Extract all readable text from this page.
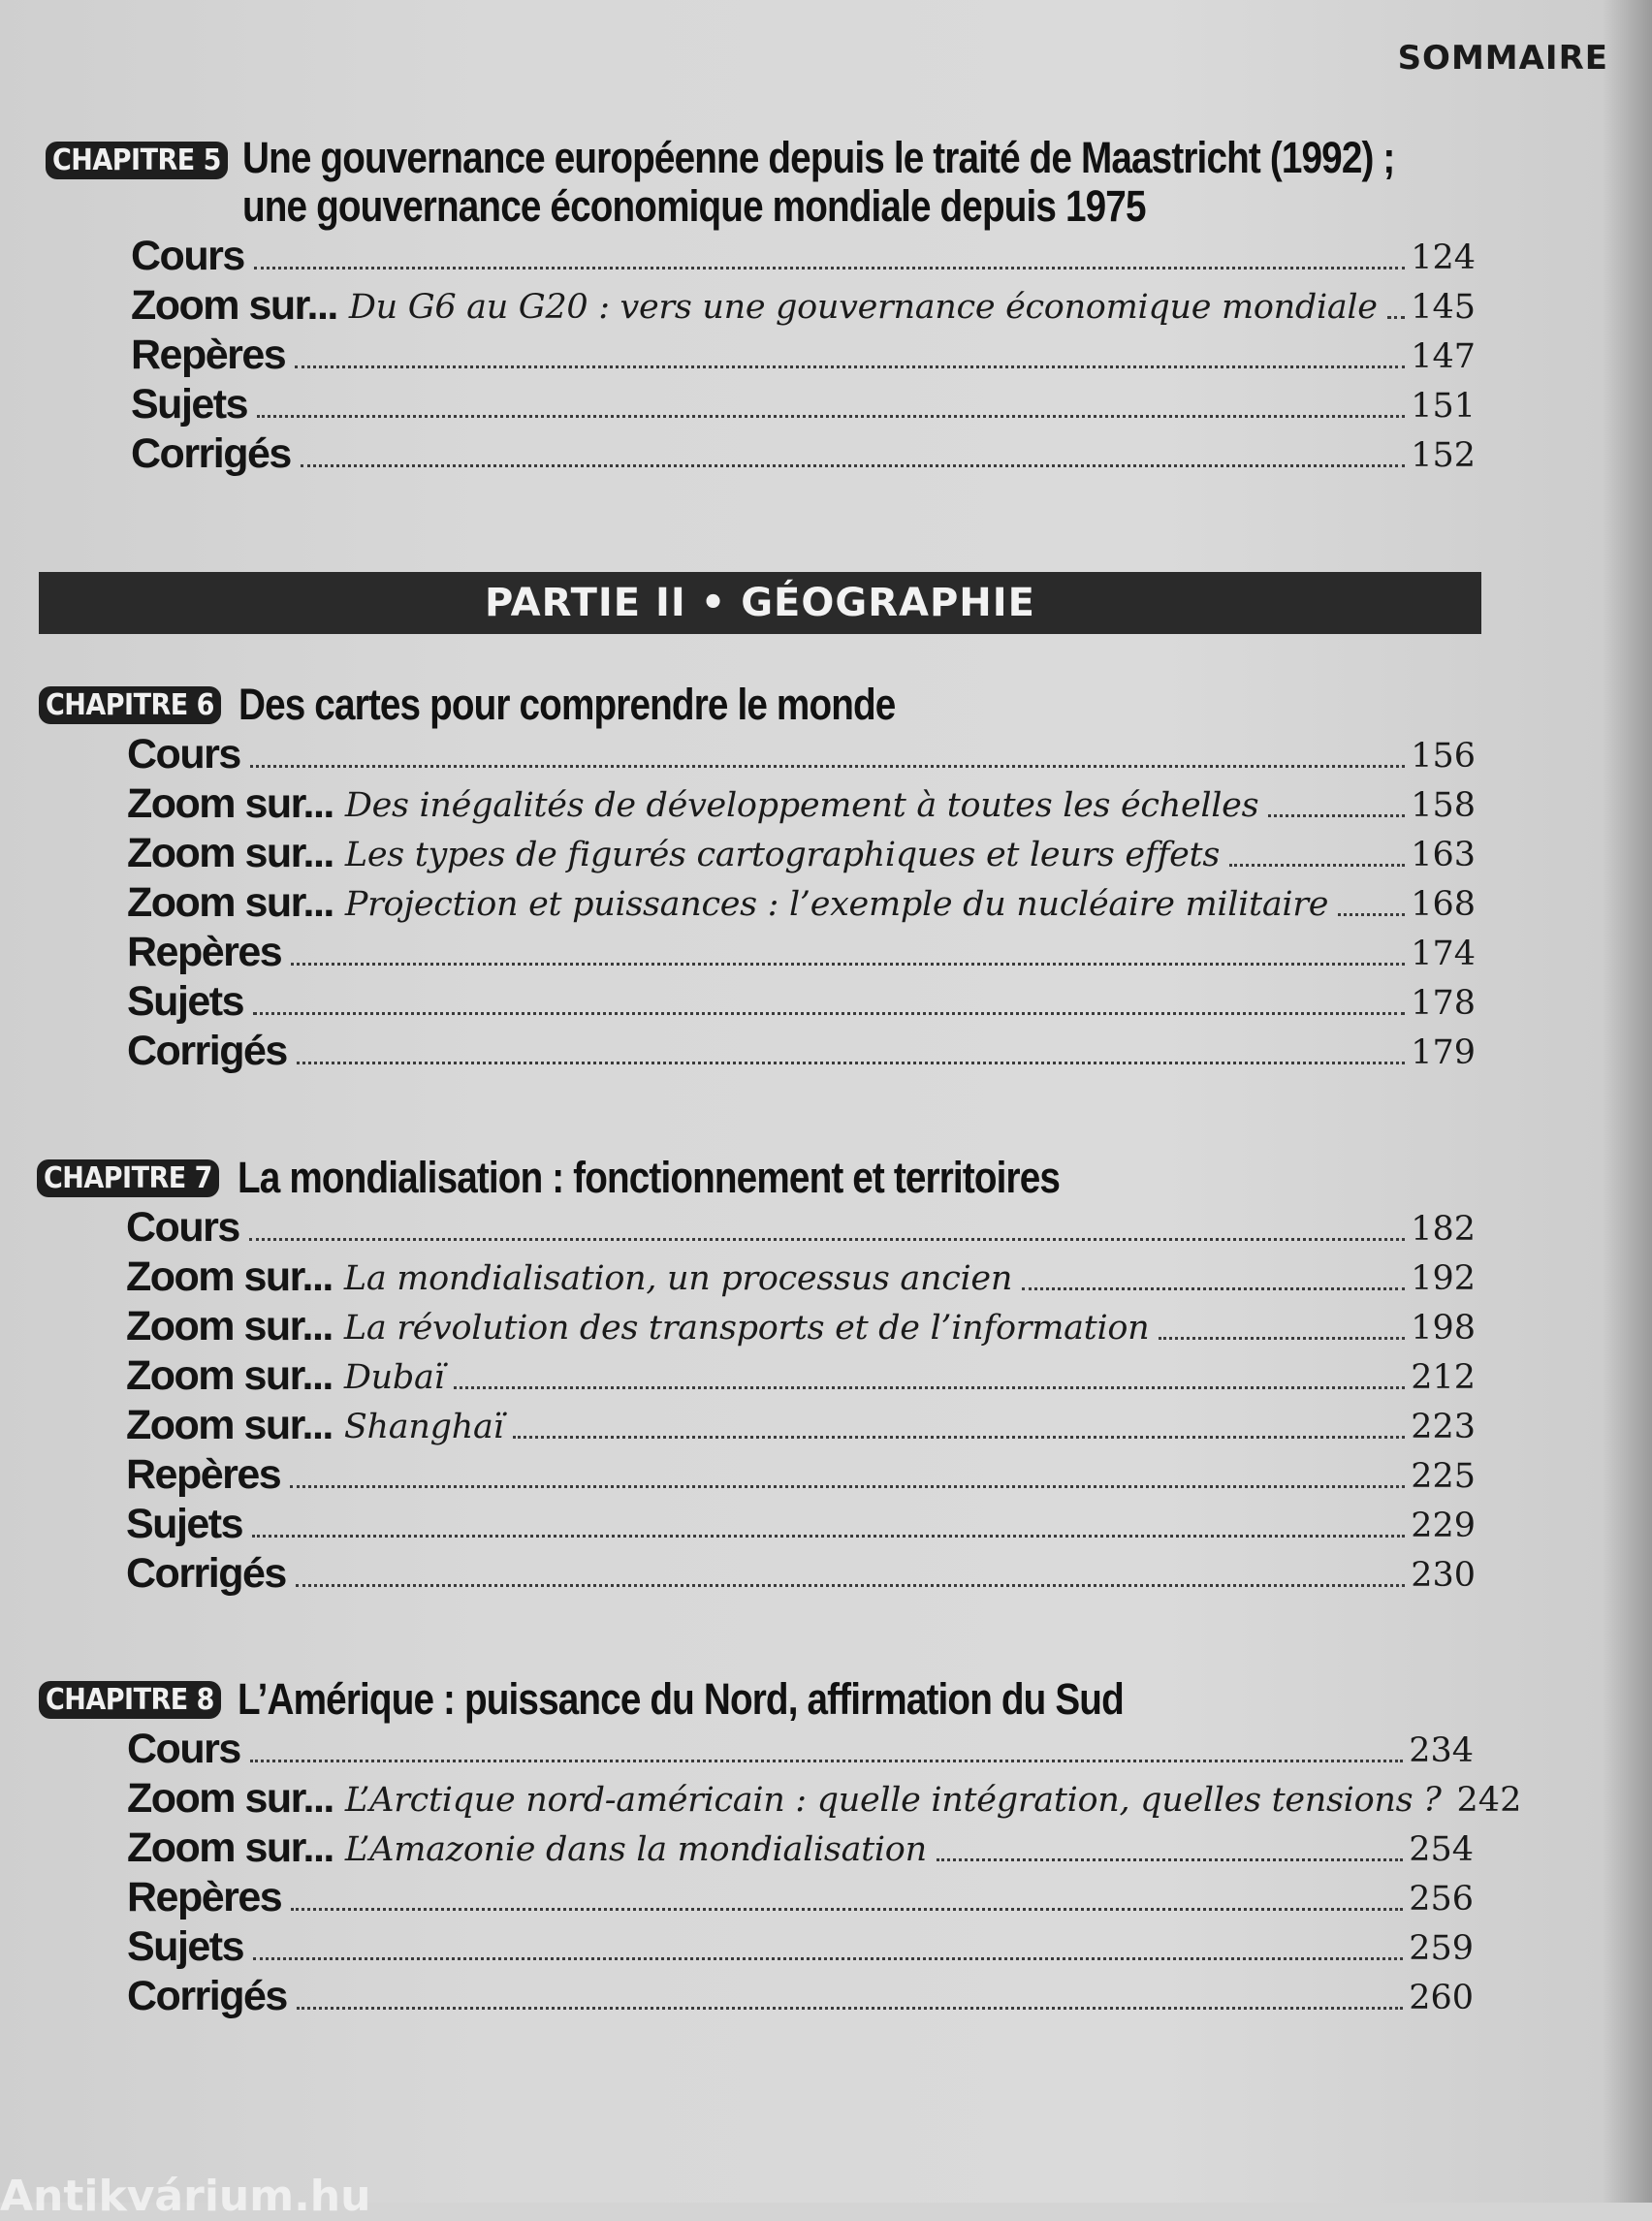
SOMMAIRE
CHAPITRE 5 Une gouvernance européenne depuis le traité de Maastricht (1992) ;
une gouvernance économique mondiale depuis 1975
Cours	124
Zoom sur... Du G6 au G20 : vers une gouvernance économique mondiale 145
Repères	147
Sujets	151
Corrigés	152
PARTIE II • GÉOGRAPHIE
CHAPITRE 6 Des cartes pour comprendre le monde
Cours	156
Zoom sur... Des inégalités de développement à toutes les échelles	158
Zoom sur... Les types de figurés cartographiques et leurs effets	163
Zoom sur... Projection et puissances : l’exemple du nucléaire militaire 168
Repères	174
Sujets	178
Corrigés	179
CHAPITRE 7 La mondialisation : fonctionnement et territoires
Cours	182
Zoom sur... La mondialisation, un processus ancien	192
Zoom sur... La révolution des transports et de l’information	198
Zoom sur... Dubaï	212
Zoom sur... Shanghaï	223
Repères	225
Sujets	229
Corrigés	230
CHAPITRE 8 L’Amérique : puissance du Nord, affirmation du Sud
Cours	234
Zoom sur... L’Arctique nord-américain : quelle intégration, quelles tensions ? 242
Zoom sur... L’Amazonie dans la mondialisation	254
Repères	256
Sujets	259
Corrigés	260
Antikvárium.hu
